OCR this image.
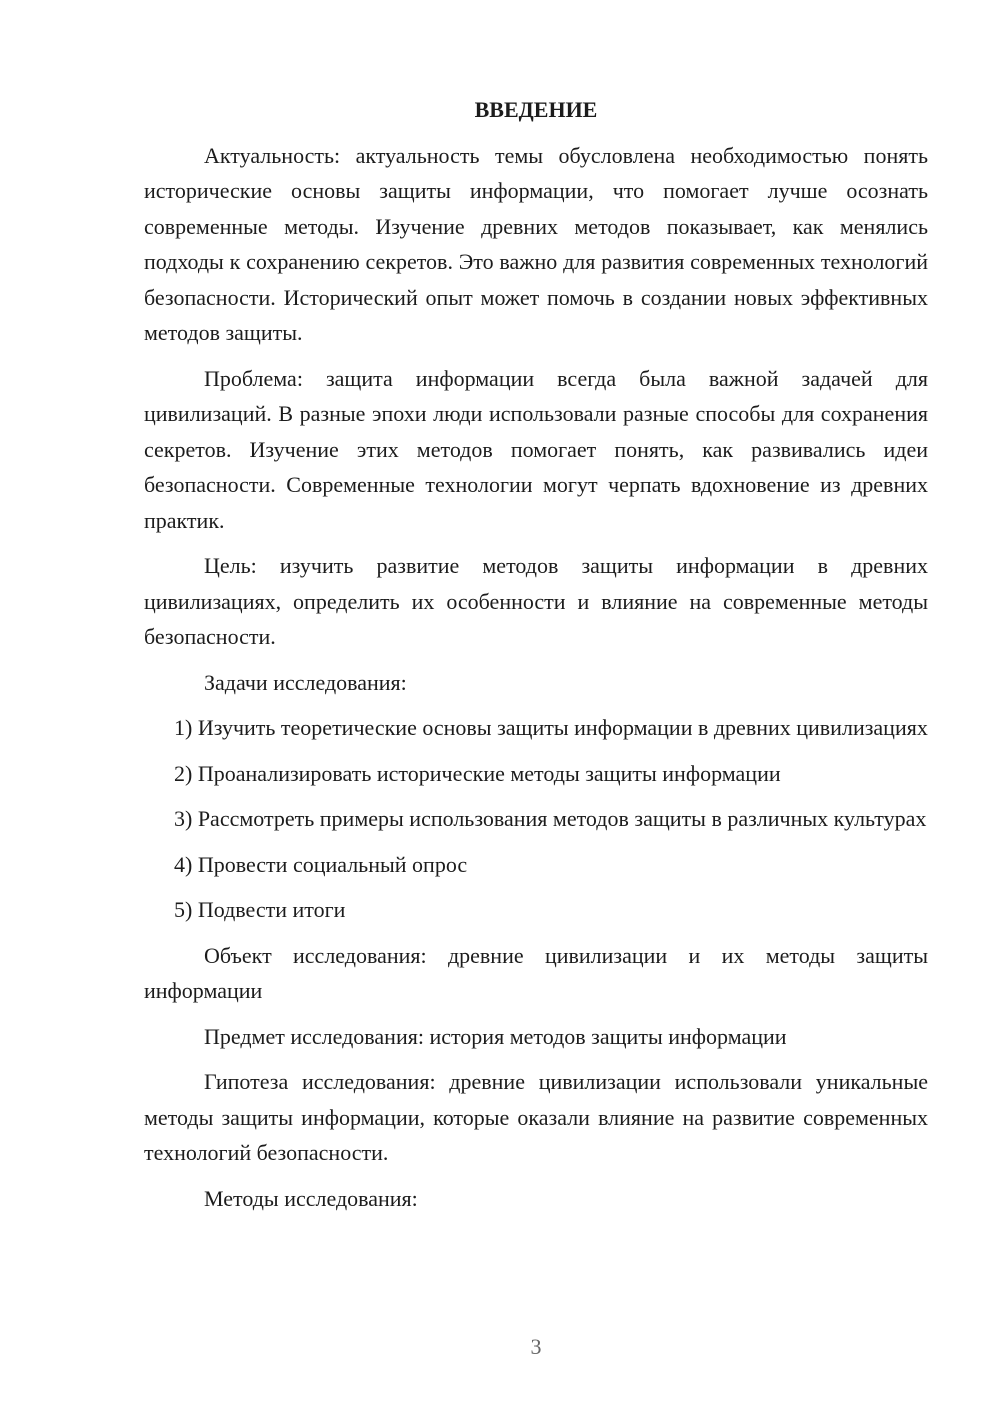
ВВЕДЕНИЕ

Актуальность: актуальность темы обусловлена необходимостью понять исторические основы защиты информации, что помогает лучше осознать современные методы. Изучение древних методов показывает, как менялись подходы к сохранению секретов. Это важно для развития современных технологий безопасности. Исторический опыт может помочь в создании новых эффективных методов защиты.

Проблема: защита информации всегда была важной задачей для цивилизаций. В разные эпохи люди использовали разные способы для сохранения секретов. Изучение этих методов помогает понять, как развивались идеи безопасности. Современные технологии могут черпать вдохновение из древних практик.

Цель: изучить развитие методов защиты информации в древних цивилизациях, определить их особенности и влияние на современные методы безопасности.

Задачи исследования:

1) Изучить теоретические основы защиты информации в древних цивилизациях

2) Проанализировать исторические методы защиты информации

3) Рассмотреть примеры использования методов защиты в различных культурах

4) Провести социальный опрос

5) Подвести итоги

Объект исследования: древние цивилизации и их методы защиты информации

Предмет исследования: история методов защиты информации

Гипотеза исследования: древние цивилизации использовали уникальные методы защиты информации, которые оказали влияние на развитие современных технологий безопасности.

Методы исследования:

3
